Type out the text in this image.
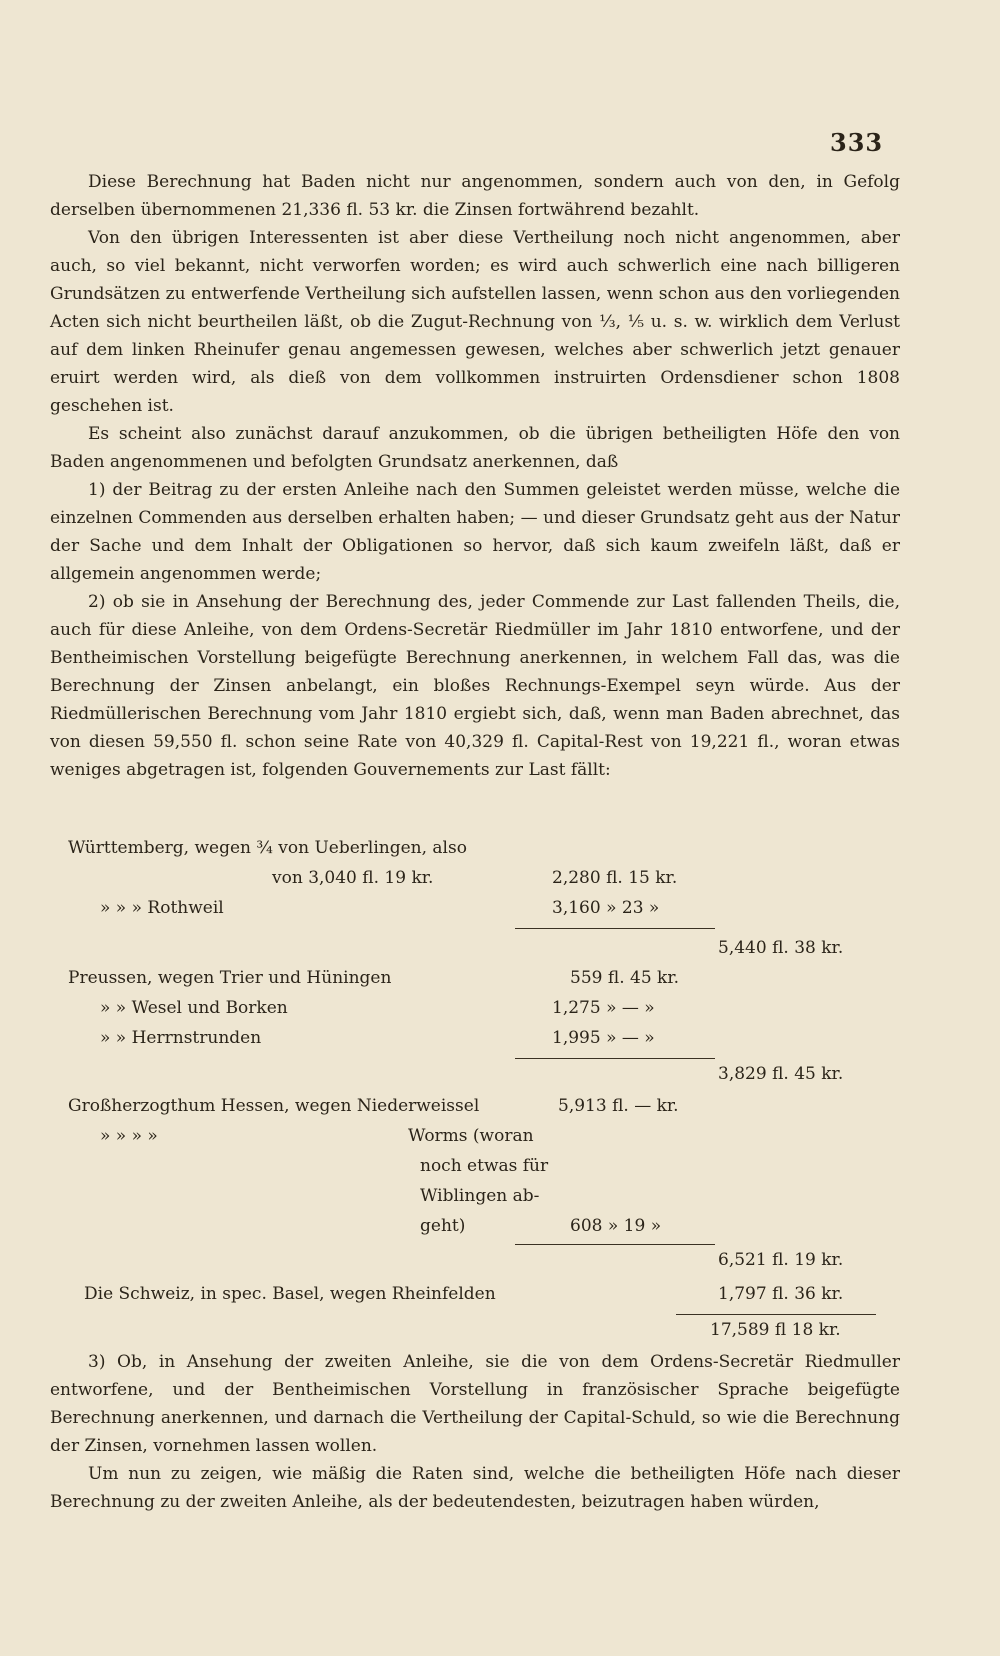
333

Diese Berechnung hat Baden nicht nur angenommen, sondern auch von den, in Gefolg derselben übernommenen 21,336 fl. 53 kr. die Zinsen fortwährend bezahlt.

Von den übrigen Interessenten ist aber diese Vertheilung noch nicht angenommen, aber auch, so viel bekannt, nicht verworfen worden; es wird auch schwerlich eine nach billigeren Grundsätzen zu entwerfende Vertheilung sich aufstellen lassen, wenn schon aus den vorliegenden Acten sich nicht beurtheilen läßt, ob die Zugut-Rechnung von ⅓, ⅕ u. s. w. wirklich dem Verlust auf dem linken Rheinufer genau angemessen gewesen, welches aber schwerlich jetzt genauer eruirt werden wird, als dieß von dem vollkommen instruirten Ordensdiener schon 1808 geschehen ist.

Es scheint also zunächst darauf anzukommen, ob die übrigen betheiligten Höfe den von Baden angenommenen und befolgten Grundsatz anerkennen, daß

1) der Beitrag zu der ersten Anleihe nach den Summen geleistet werden müsse, welche die einzelnen Commenden aus derselben erhalten haben; — und dieser Grundsatz geht aus der Natur der Sache und dem Inhalt der Obligationen so hervor, daß sich kaum zweifeln läßt, daß er allgemein angenommen werde;

2) ob sie in Ansehung der Berechnung des, jeder Commende zur Last fallenden Theils, die, auch für diese Anleihe, von dem Ordens-Secretär Riedmüller im Jahr 1810 entworfene, und der Bentheimischen Vorstellung beigefügte Berechnung anerkennen, in welchem Fall das, was die Berechnung der Zinsen anbelangt, ein bloßes Rechnungs-Exempel seyn würde. Aus der Riedmüllerischen Berechnung vom Jahr 1810 ergiebt sich, daß, wenn man Baden abrechnet, das von diesen 59,550 fl. schon seine Rate von 40,329 fl. Capital-Rest von 19,221 fl., woran etwas weniges abgetragen ist, folgenden Gouvernements zur Last fällt:

Württemberg, wegen ¾ von Ueberlingen, also
von 3,040 fl. 19 kr.	2,280 fl. 15 kr.
» » » Rothweil	3,160 » 23 »
5,440 fl. 38 kr.
Preussen, wegen Trier und Hüningen	559 fl. 45 kr.
» » Wesel und Borken	1,275 » — »
» » Herrnstrunden	1,995 » — »
3,829 fl. 45 kr.
Großherzogthum Hessen, wegen Niederweissel	5,913 fl. — kr.
» » » »	Worms (woran
noch etwas für
Wiblingen ab-
geht)	608 » 19 »
6,521 fl. 19 kr.
Die Schweiz, in spec. Basel, wegen Rheinfelden	1,797 fl. 36 kr.
17,589 fl 18 kr.

3) Ob, in Ansehung der zweiten Anleihe, sie die von dem Ordens-Secretär Riedmuller entworfene, und der Bentheimischen Vorstellung in französischer Sprache beigefügte Berechnung anerkennen, und darnach die Vertheilung der Capital-Schuld, so wie die Berechnung der Zinsen, vornehmen lassen wollen.

Um nun zu zeigen, wie mäßig die Raten sind, welche die betheiligten Höfe nach dieser Berechnung zu der zweiten Anleihe, als der bedeutendesten, beizutragen haben würden,
